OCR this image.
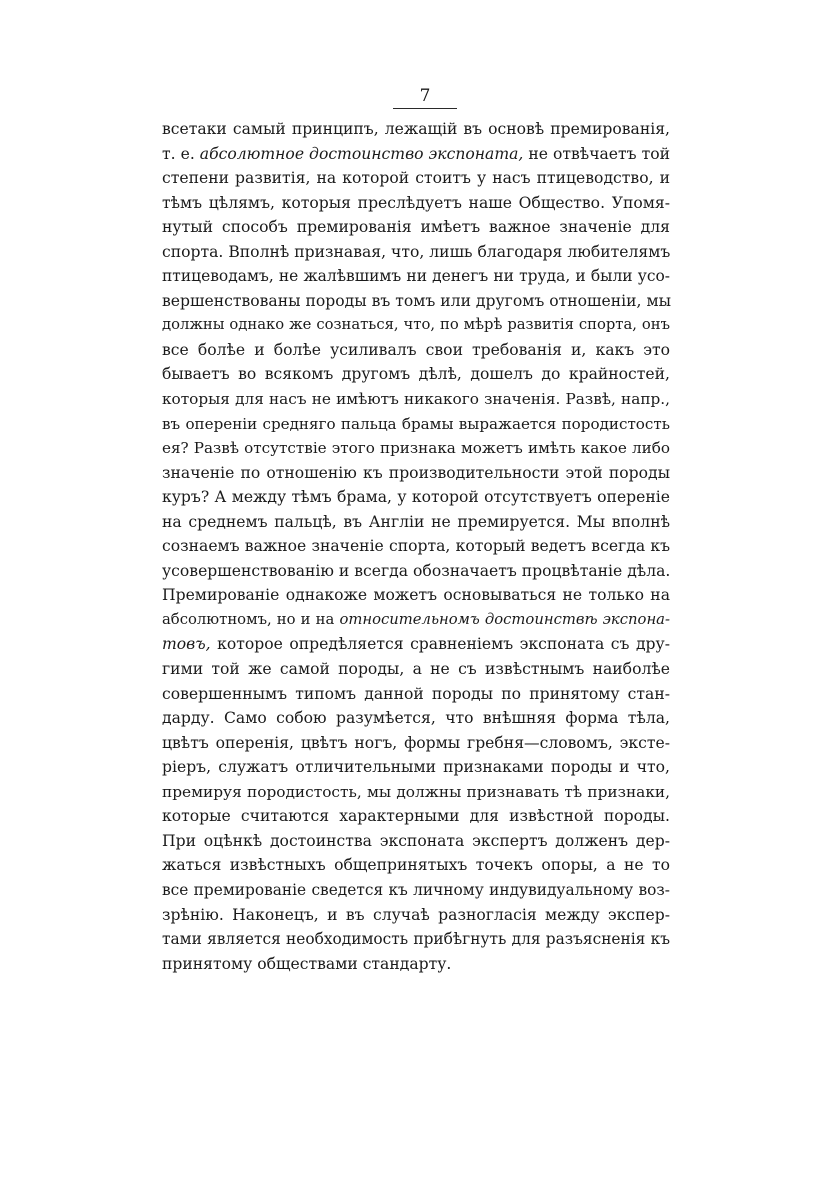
7
всетаки самый принципъ, лежащій въ основѣ премированія,
т. е. абсолютное достоинство экспоната, не отвѣчаетъ той
степени развитія, на которой стоитъ у насъ птицеводство, и
тѣмъ цѣлямъ, которыя преслѣдуетъ наше Общество. Упомя-
нутый способъ премированія имѣетъ важное значеніе для
спорта. Вполнѣ признавая, что, лишь благодаря любителямъ
птицеводамъ, не жалѣвшимъ ни денегъ ни труда, и были усо-
вершенствованы породы въ томъ или другомъ отношеніи, мы
должны однако же сознаться, что, по мѣрѣ развитія спорта, онъ
все болѣе и болѣе усиливалъ свои требованія и, какъ это
бываетъ во всякомъ другомъ дѣлѣ, дошелъ до крайностей,
которыя для насъ не имѣютъ никакого значенія. Развѣ, напр.,
въ опереніи средняго пальца брамы выражается породистость
ея? Развѣ отсутствіе этого признака можетъ имѣть какое либо
значеніе по отношенію къ производительности этой породы
куръ? А между тѣмъ брама, у которой отсутствуетъ опереніе
на среднемъ пальцѣ, въ Англіи не премируется. Мы вполнѣ
сознаемъ важное значеніе спорта, который ведетъ всегда къ
усовершенствованію и всегда обозначаетъ процвѣтаніе дѣла.
Премированіе однакоже можетъ основываться не только на
абсолютномъ, но и на относительномъ достоинствѣ экспона-
товъ, которое опредѣляется сравненіемъ экспоната съ дру-
гими той же самой породы, а не съ извѣстнымъ наиболѣе
совершеннымъ типомъ данной породы по принятому стан-
дарду. Само собою разумѣется, что внѣшняя форма тѣла,
цвѣтъ оперенія, цвѣтъ ногъ, формы гребня—словомъ, эксте-
ріеръ, служатъ отличительными признаками породы и что,
премируя породистость, мы должны признавать тѣ признаки,
которые считаются характерными для извѣстной породы.
При оцѣнкѣ достоинства экспоната экспертъ долженъ дер-
жаться извѣстныхъ общепринятыхъ точекъ опоры, а не то
все премированіе сведется къ личному индувидуальному воз-
зрѣнію. Наконецъ, и въ случаѣ разногласія между экспер-
тами является необходимость прибѣгнуть для разъясненія къ
принятому обществами стандарту.
